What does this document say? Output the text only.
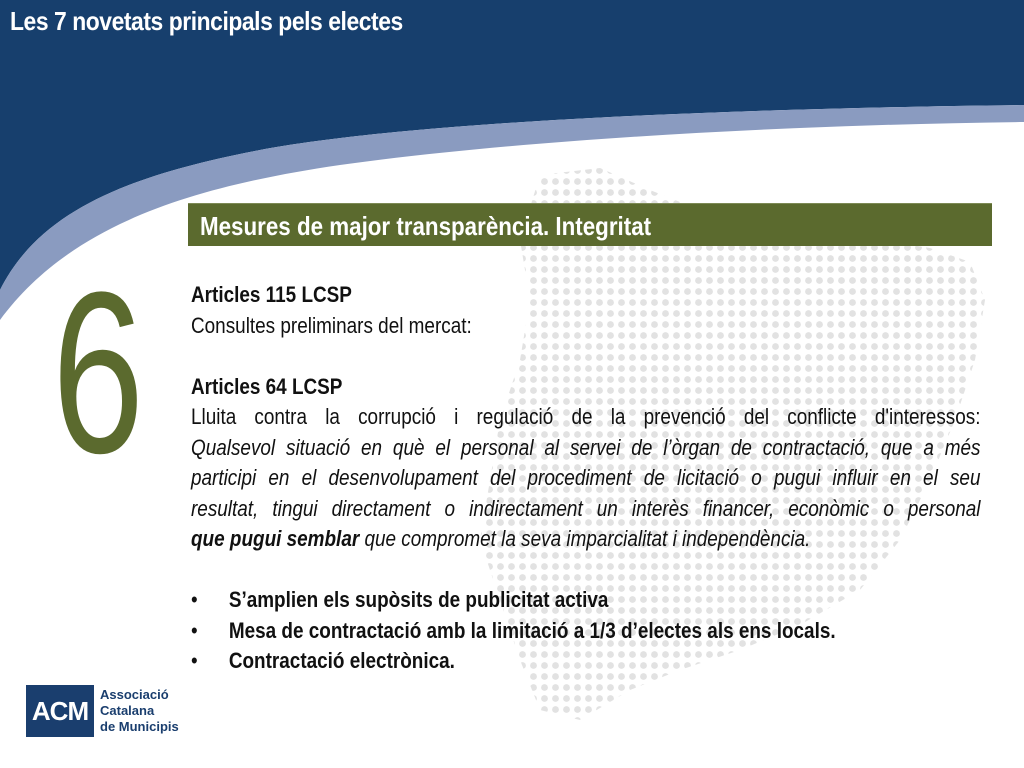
Les 7 novetats principals pels electes
6
Mesures de major transparència. Integritat
Articles 115 LCSP
Consultes preliminars del mercat:
Articles 64 LCSP
Lluita contra la corrupció i regulació de la prevenció del conflicte d'interessos:
Qualsevol situació en què el personal al servei de l’òrgan de contractació, que a més
participi en el desenvolupament del procediment de licitació o pugui influir en el seu
resultat, tingui directament o indirectament un interès financer, econòmic o personal
que pugui semblar que compromet la seva imparcialitat i independència.
• S’amplien els supòsits de publicitat activa
• Mesa de contractació amb la limitació a 1/3 d’electes als ens locals.
• Contractació electrònica.
ACM
Associació
Catalana
de Municipis
